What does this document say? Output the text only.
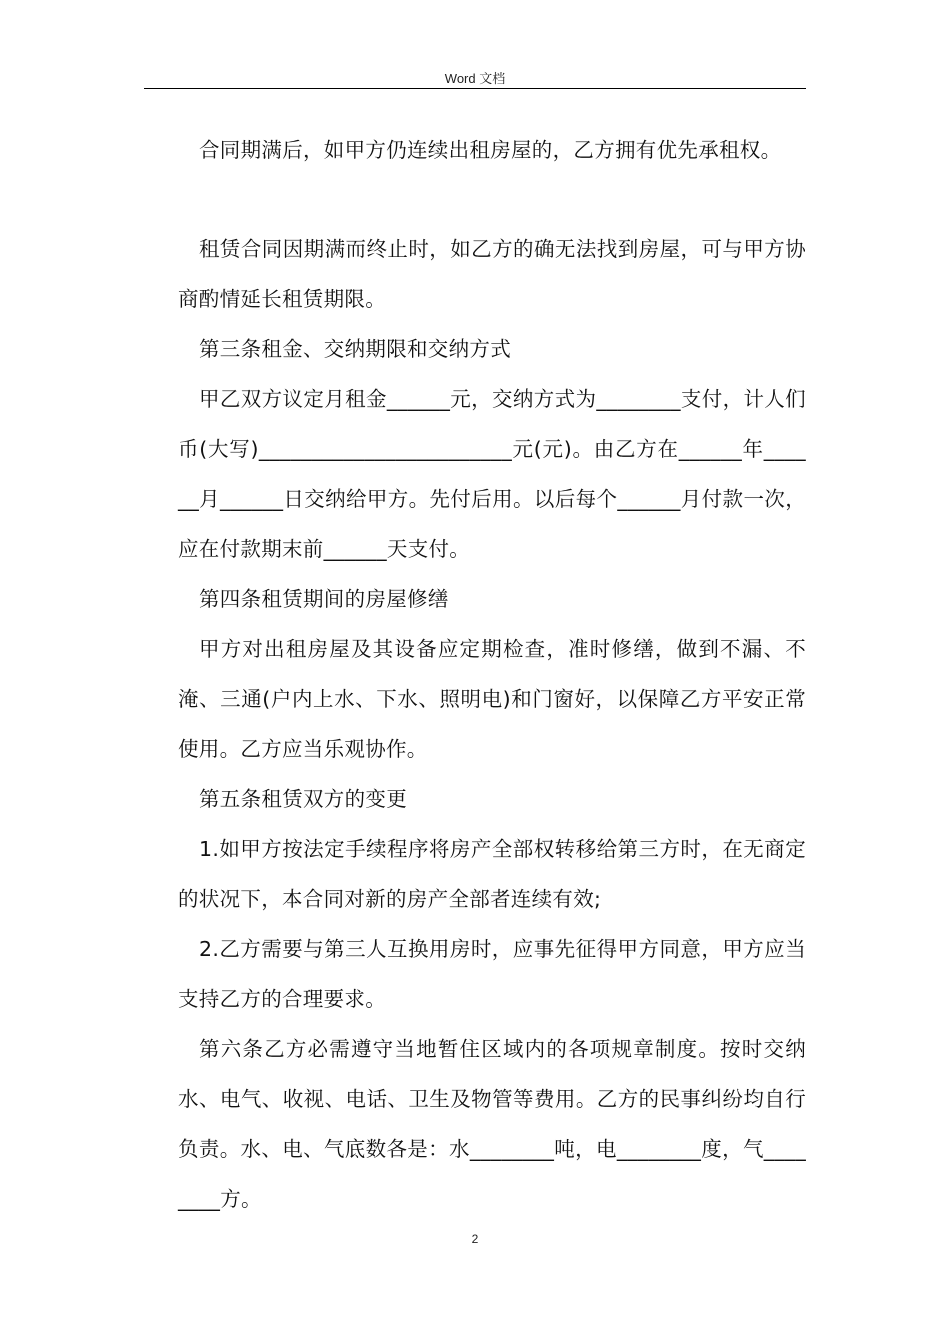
Word 文档

合同期满后，如甲方仍连续出租房屋的，乙方拥有优先承租权。

租赁合同因期满而终止时，如乙方的确无法找到房屋，可与甲方协商酌情延长租赁期限。

第三条租金、交纳期限和交纳方式

甲乙双方议定月租金______元，交纳方式为________支付，计人们币(大写)________________________元(元)。由乙方在______年______月______日交纳给甲方。先付后用。以后每个______月付款一次，应在付款期末前______天支付。

第四条租赁期间的房屋修缮

甲方对出租房屋及其设备应定期检查，准时修缮，做到不漏、不淹、三通(户内上水、下水、照明电)和门窗好，以保障乙方平安正常使用。乙方应当乐观协作。

第五条租赁双方的变更

1.如甲方按法定手续程序将房产全部权转移给第三方时，在无商定的状况下，本合同对新的房产全部者连续有效;

2.乙方需要与第三人互换用房时，应事先征得甲方同意，甲方应当支持乙方的合理要求。

第六条乙方必需遵守当地暂住区域内的各项规章制度。按时交纳水、电气、收视、电话、卫生及物管等费用。乙方的民事纠纷均自行负责。水、电、气底数各是：水________吨，电________度，气________方。

2
